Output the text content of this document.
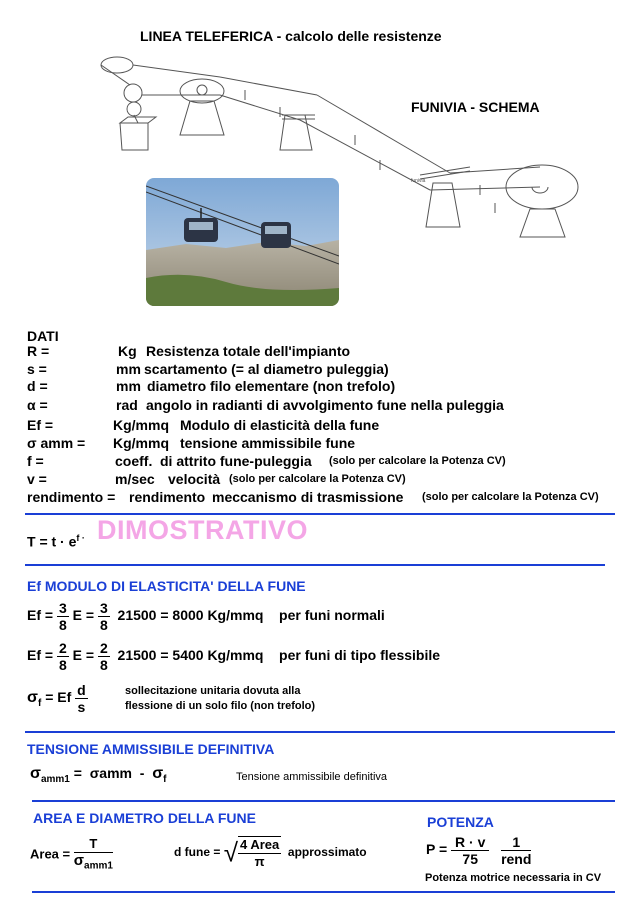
LINEA TELEFERICA - calcolo delle resistenze
funivia
FUNIVIA - SCHEMA
DATI
R =	Kg Resistenza totale dell'impianto
s =	mm scartamento (= al diametro puleggia)
d =	mm diametro filo elementare (non trefolo)
α =	rad angolo in radianti di avvolgimento fune nella puleggia
Ef =	Kg/mmq Modulo di elasticità della fune
σ amm = Kg/mmq tensione ammissibile fune
f =	coeff. di attrito fune-puleggia (solo per calcolare la Potenza CV)
v =	m/sec velocità (solo per calcolare la Potenza CV)
rendimento = rendimento meccanismo di trasmissione (solo per calcolare la Potenza CV)
$T = t \cdot e^{f \cdot}$ DIMOSTRATIVO
Ef MODULO DI ELASTICITA' DELLA FUNE
$Ef = \frac{3}{8}$ $E = \frac{3}{8} 21500 = 8000$ Kg/mmq per funi normali
$Ef = \frac{2}{8}$ $E = \frac{2}{8} 21500 = 5400$ Kg/mmq per funi di tipo flessibile
$\sigma_f = Ef \frac{d}{s}$	sollecitazione unitaria dovuta alla
flessione di un solo filo (non trefolo)
TENSIONE AMMISSIBILE DEFINITIVA
$\sigma_{amm1} = \sigma amm - \sigma_f$	Tensione ammissibile definitiva
AREA E DIAMETRO DELLA FUNE
Area = $\frac{T}{\sigma_{amm1}}$	d fune = √ $\frac{\text{4 Area}}{\pi}$ approssimato
POTENZA
$P = \frac{R \cdot v}{75}$
$\frac{1}{\text{rend}}$
Potenza motrice necessaria in CV
